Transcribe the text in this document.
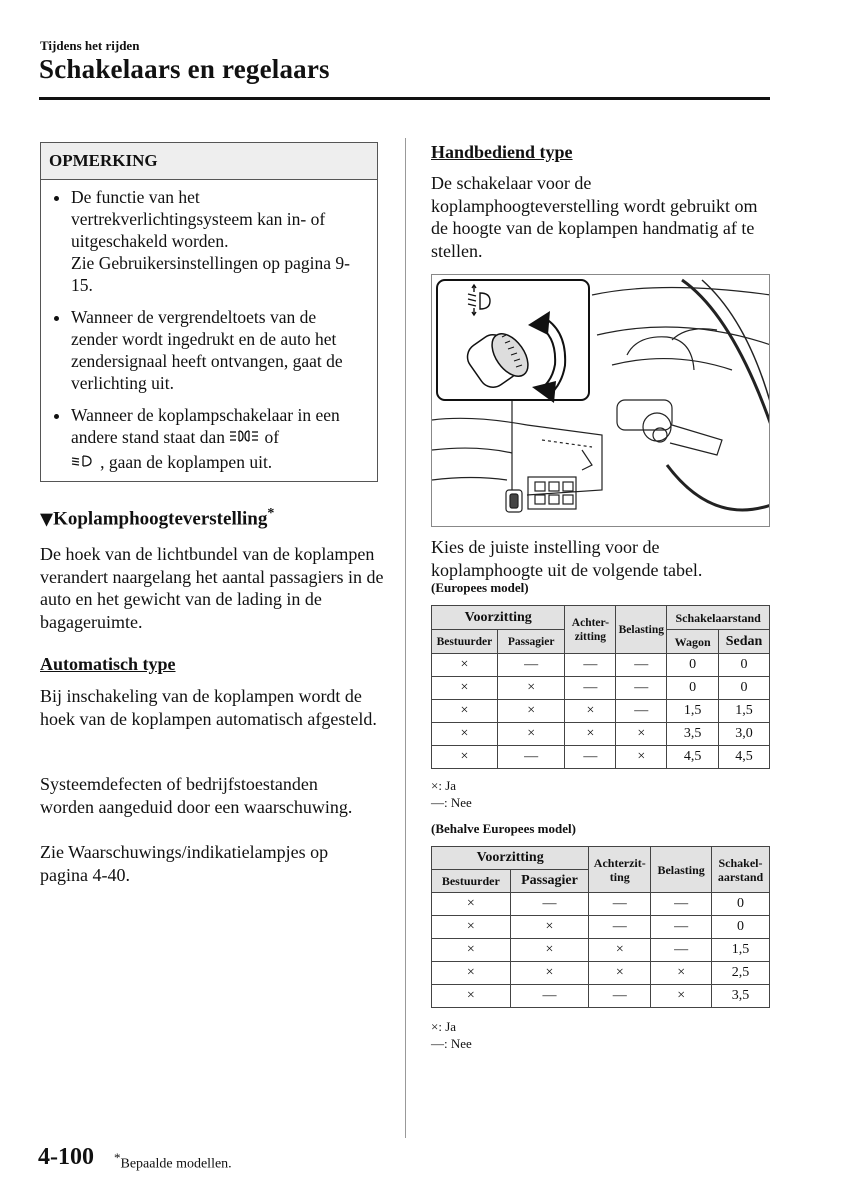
Tijdens het rijden
Schakelaars en regelaars
OPMERKING
• De functie van het vertrekverlichtingsysteem kan in- of uitgeschakeld worden.
Zie Gebruikersinstellingen op pagina 9-15.
• Wanneer de vergrendeltoets van de zender wordt ingedrukt en de auto het zendersignaal heeft ontvangen, gaat de verlichting uit.
• Wanneer de koplampschakelaar in een andere stand staat dan of
, gaan de koplampen uit.
▼Koplamphoogteverstelling*
De hoek van de lichtbundel van de koplampen verandert naargelang het aantal passagiers in de auto en het gewicht van de lading in de bagageruimte.
Automatisch type
Bij inschakeling van de koplampen wordt de hoek van de koplampen automatisch afgesteld.
Systeemdefecten of bedrijfstoestanden worden aangeduid door een waarschuwing.
Zie Waarschuwings/indikatielampjes op pagina 4-40.
Handbediend type
De schakelaar voor de koplamphoogteverstelling wordt gebruikt om de hoogte van de koplampen handmatig af te stellen.
Kies de juiste instelling voor de koplamphoogte uit de volgende tabel.
(Europees model)
Voorzitting		Achter-zitting	Belasting	Schakelaarstand	
Bestuurder	Passagier			Wagon	Sedan
×	—	—	—	0	0
×	×	—	—	0	0
×	×	×	—	1,5	1,5
×	×	×	×	3,5	3,0
×	—	—	×	4,5	4,5
×: Ja
—: Nee
(Behalve Europees model)
Voorzitting		Achterzit-ting	Belasting	Schakel-aarstand
Bestuurder	Passagier			
×	—	—	—	0
×	×	—	—	0
×	×	×	—	1,5
×	×	×	×	2,5
×	—	—	×	3,5
×: Ja
—: Nee
4-100 *Bepaalde modellen.
